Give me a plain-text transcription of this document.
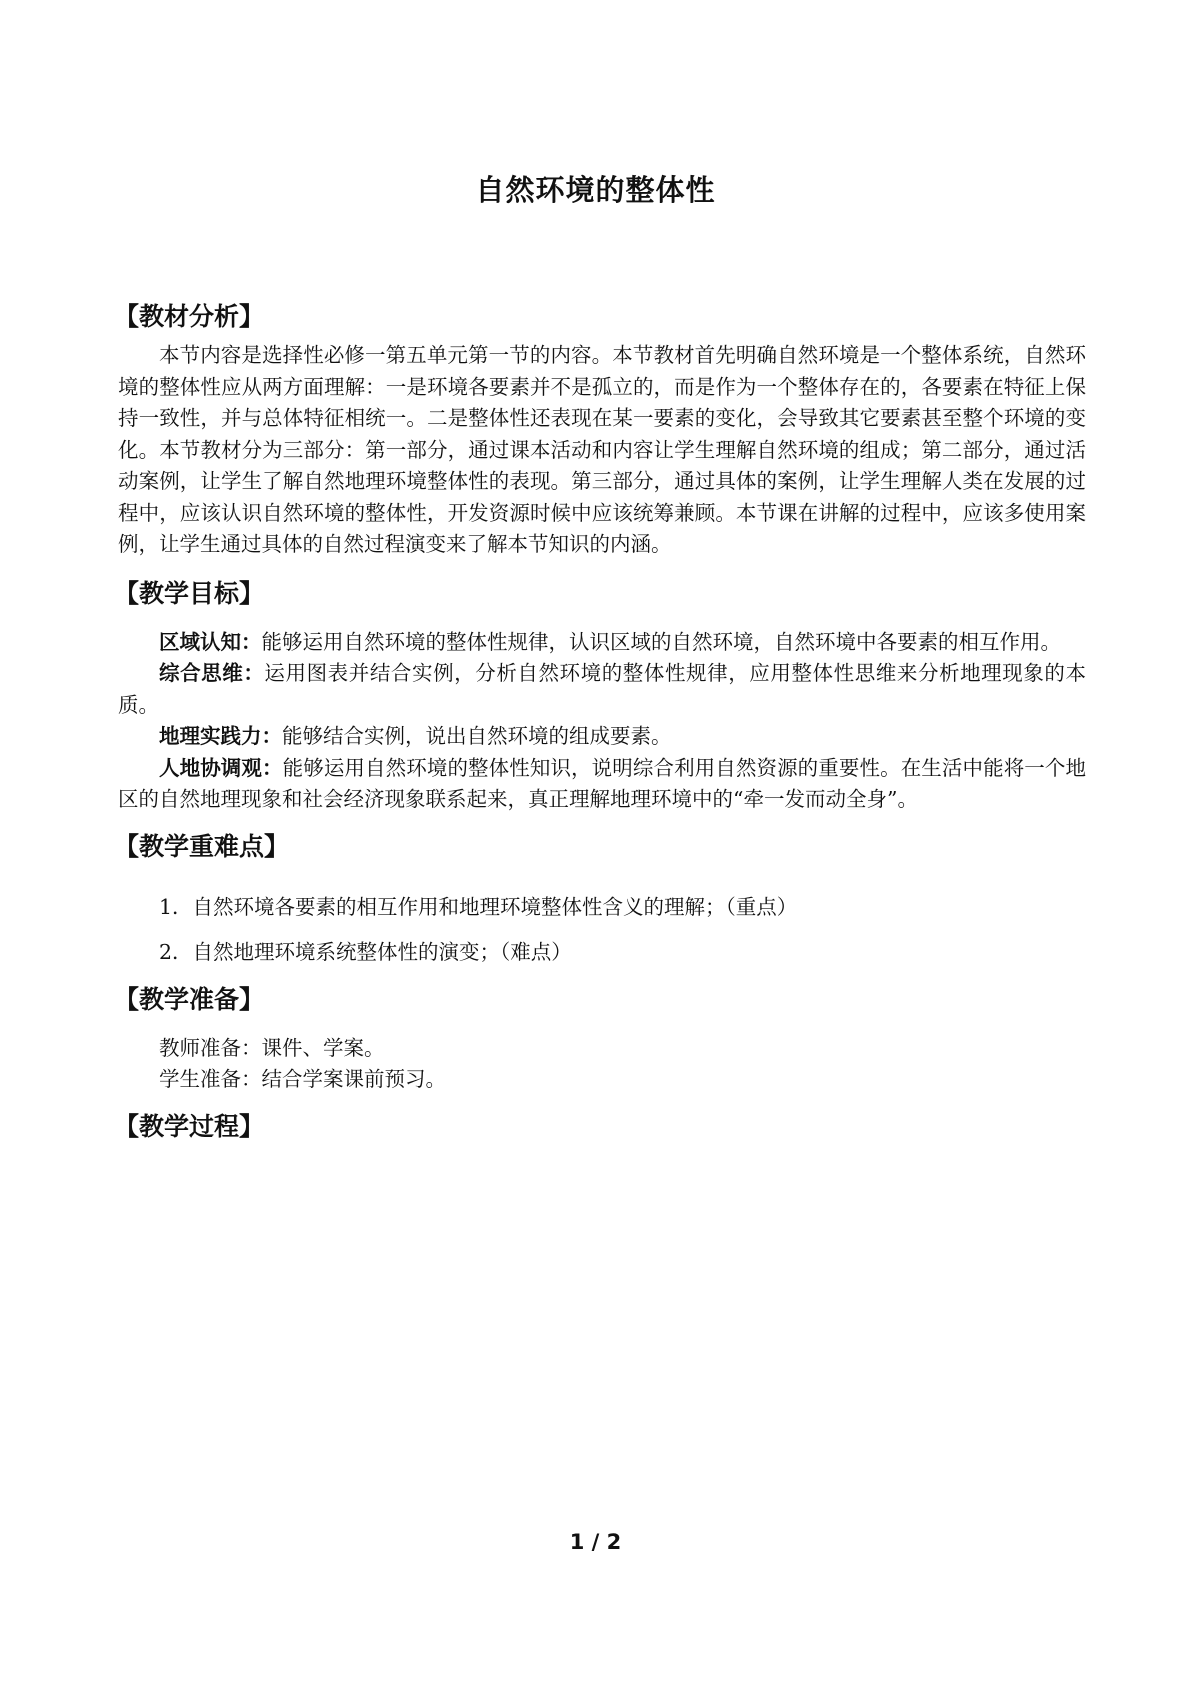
自然环境的整体性
【教材分析】

本节内容是选择性必修一第五单元第一节的内容。本节教材首先明确自然环境是一个整体系统，自然环境的整体性应从两方面理解：一是环境各要素并不是孤立的，而是作为一个整体存在的，各要素在特征上保持一致性，并与总体特征相统一。二是整体性还表现在某一要素的变化，会导致其它要素甚至整个环境的变化。本节教材分为三部分：第一部分，通过课本活动和内容让学生理解自然环境的组成；第二部分，通过活动案例，让学生了解自然地理环境整体性的表现。第三部分，通过具体的案例，让学生理解人类在发展的过程中，应该认识自然环境的整体性，开发资源时候中应该统筹兼顾。本节课在讲解的过程中，应该多使用案例，让学生通过具体的自然过程演变来了解本节知识的内涵。

【教学目标】

区域认知：能够运用自然环境的整体性规律，认识区域的自然环境，自然环境中各要素的相互作用。

综合思维：运用图表并结合实例，分析自然环境的整体性规律，应用整体性思维来分析地理现象的本质。

地理实践力：能够结合实例，说出自然环境的组成要素。

人地协调观：能够运用自然环境的整体性知识，说明综合利用自然资源的重要性。在生活中能将一个地区的自然地理现象和社会经济现象联系起来，真正理解地理环境中的“牵一发而动全身”。

【教学重难点】

1．自然环境各要素的相互作用和地理环境整体性含义的理解；（重点）

2．自然地理环境系统整体性的演变；（难点）

【教学准备】

教师准备：课件、学案。

学生准备：结合学案课前预习。

【教学过程】
1 / 2
